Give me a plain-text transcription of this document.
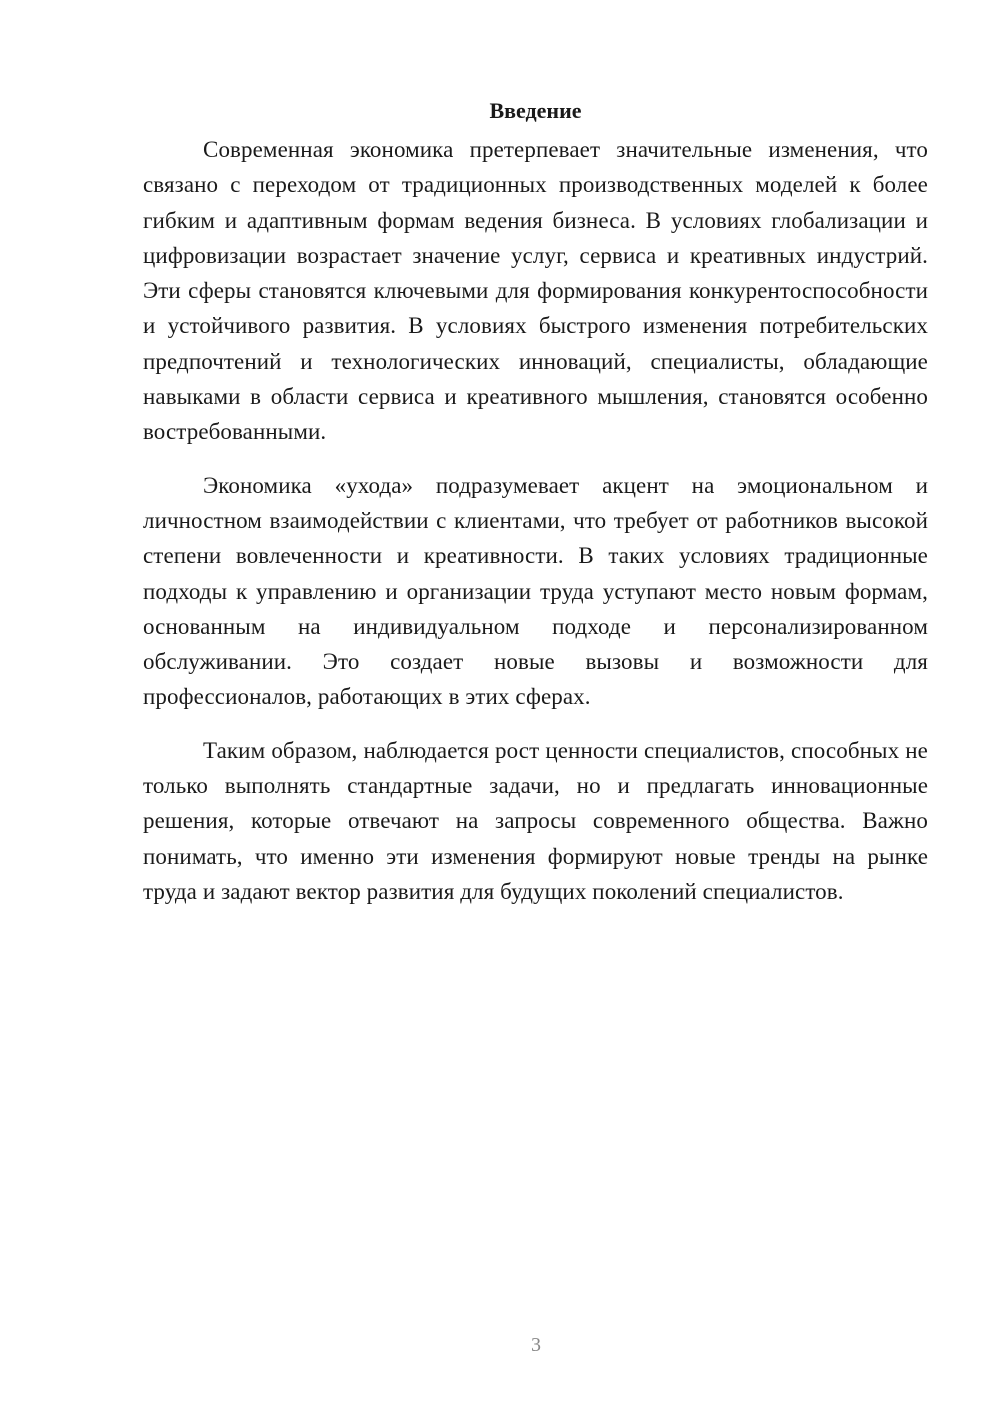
Введение

Современная экономика претерпевает значительные изменения, что связано с переходом от традиционных производственных моделей к более гибким и адаптивным формам ведения бизнеса. В условиях глобализации и цифровизации возрастает значение услуг, сервиса и креативных индустрий. Эти сферы становятся ключевыми для формирования конкурентоспособности и устойчивого развития. В условиях быстрого изменения потребительских предпочтений и технологических инноваций, специалисты, обладающие навыками в области сервиса и креативного мышления, становятся особенно востребованными.

Экономика «ухода» подразумевает акцент на эмоциональном и личностном взаимодействии с клиентами, что требует от работников высокой степени вовлеченности и креативности. В таких условиях традиционные подходы к управлению и организации труда уступают место новым формам, основанным на индивидуальном подходе и персонализированном обслуживании. Это создает новые вызовы и возможности для профессионалов, работающих в этих сферах.

Таким образом, наблюдается рост ценности специалистов, способных не только выполнять стандартные задачи, но и предлагать инновационные решения, которые отвечают на запросы современного общества. Важно понимать, что именно эти изменения формируют новые тренды на рынке труда и задают вектор развития для будущих поколений специалистов.

3
